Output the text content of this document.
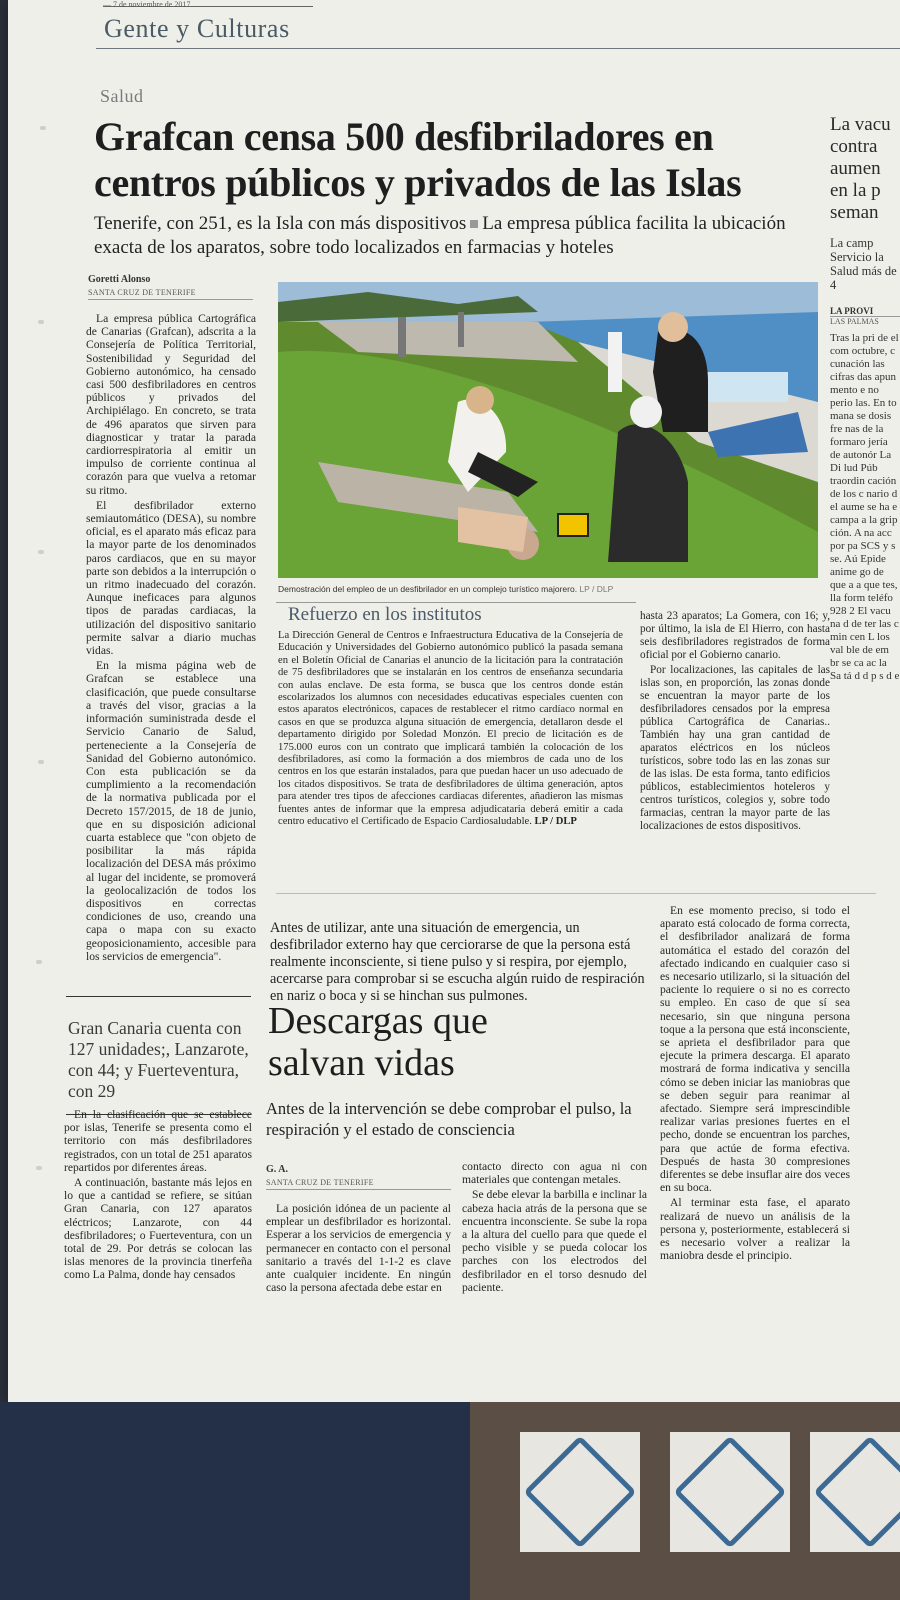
— 7 de noviembre de 2017
Gente y Culturas
Salud
Grafcan censa 500 desfibriladores en centros públicos y privados de las Islas
Tenerife, con 251, es la Isla con más dispositivos La empresa pública facilita la ubicación exacta de los aparatos, sobre todo localizados en farmacias y hoteles
Goretti Alonso
SANTA CRUZ DE TENERIFE

La empresa pública Cartográfica de Canarias (Grafcan), adscrita a la Consejería de Política Territorial, Sostenibilidad y Seguridad del Gobierno autonómico, ha censado casi 500 desfibriladores en centros públicos y privados del Archipiélago. En concreto, se trata de 496 aparatos que sirven para diagnosticar y tratar la parada cardiorrespiratoria al emitir un impulso de corriente continua al corazón para que vuelva a retomar su ritmo.

El desfibrilador externo semiautomático (DESA), su nombre oficial, es el aparato más eficaz para la mayor parte de los denominados paros cardiacos, que en su mayor parte son debidos a la interrupción o un ritmo inadecuado del corazón. Aunque ineficaces para algunos tipos de paradas cardiacas, la utilización del dispositivo sanitario permite salvar a diario muchas vidas.

En la misma página web de Grafcan se establece una clasificación, que puede consultarse a través del visor, gracias a la información suministrada desde el Servicio Canario de Salud, perteneciente a la Consejería de Sanidad del Gobierno autonómico. Con esta publicación se da cumplimiento a la recomendación de la normativa publicada por el Decreto 157/2015, de 18 de junio, que en su disposición adicional cuarta establece que "con objeto de posibilitar la más rápida localización del DESA más próximo al lugar del incidente, se promoverá la geolocalización de todos los dispositivos en correctas condiciones de uso, creando una capa o mapa con su exacto geoposicionamiento, accesible para los servicios de emergencia".

Gran Canaria cuenta con 127 unidades;, Lanzarote, con 44; y Fuerteventura, con 29

En la clasificación que se establece por islas, Tenerife se presenta como el territorio con más desfibriladores registrados, con un total de 251 aparatos repartidos por diferentes áreas.

A continuación, bastante más lejos en lo que a cantidad se refiere, se sitúan Gran Canaria, con 127 aparatos eléctricos; Lanzarote, con 44 desfibriladores; o Fuerteventura, con un total de 29. Por detrás se colocan las islas menores de la provincia tinerfeña como La Palma, donde hay censados

Demostración del empleo de un desfibrilador en un complejo turístico majorero. LP / DLP
Refuerzo en los institutos

La Dirección General de Centros e Infraestructura Educativa de la Consejería de Educación y Universidades del Gobierno autonómico publicó la pasada semana en el Boletín Oficial de Canarias el anuncio de la licitación para la contratación de 75 desfibriladores que se instalarán en los centros de enseñanza secundaria con aulas enclave. De esta forma, se busca que los centros donde están escolarizados los alumnos con necesidades educativas especiales cuenten con estos aparatos electrónicos, capaces de restablecer el ritmo cardíaco normal en casos en que se produzca alguna situación de emergencia, detallaron desde el departamento dirigido por Soledad Monzón. El precio de licitación es de 175.000 euros con un contrato que implicará también la colocación de los desfibriladores, así como la formación a dos miembros de cada uno de los centros en los que estarán instalados, para que puedan hacer un uso adecuado de los citados dispositivos. Se trata de desfibriladores de última generación, aptos para atender tres tipos de afecciones cardiacas diferentes, añadieron las mismas fuentes antes de informar que la empresa adjudicataria deberá emitir a cada centro educativo el Certificado de Espacio Cardiosaludable. LP / DLP

hasta 23 aparatos; La Gomera, con 16; y, por último, la isla de El Hierro, con hasta seis desfibriladores registrados de forma oficial por el Gobierno canario.

Por localizaciones, las capitales de las islas son, en proporción, las zonas donde se encuentran la mayor parte de los desfibriladores censados por la empresa pública Cartográfica de Canarias.. También hay una gran cantidad de aparatos eléctricos en los núcleos turísticos, sobre todo las en las zonas sur de las islas. De esta forma, tanto edificios públicos, establecimientos hoteleros y centros turísticos, colegios y, sobre todo farmacias, centran la mayor parte de las localizaciones de estos dispositivos.

Antes de utilizar, ante una situación de emergencia, un desfibrilador externo hay que cerciorarse de que la persona está realmente inconsciente, si tiene pulso y si respira, por ejemplo, acercarse para comprobar si se escucha algún ruido de respiración en nariz o boca y si se hinchan sus pulmones.
Descargas que salvan vidas
Antes de la intervención se debe comprobar el pulso, la respiración y el estado de consciencia
G. A.
SANTA CRUZ DE TENERIFE

La posición idónea de un paciente al emplear un desfibrilador es horizontal. Esperar a los servicios de emergencia y permanecer en contacto con el personal sanitario a través del 1-1-2 es clave ante cualquier incidente. En ningún caso la persona afectada debe estar en

contacto directo con agua ni con materiales que contengan metales.

Se debe elevar la barbilla e inclinar la cabeza hacia atrás de la persona que se encuentra inconsciente. Se sube la ropa a la altura del cuello para que quede el pecho visible y se pueda colocar los parches con los electrodos del desfibrilador en el torso desnudo del paciente.

En ese momento preciso, si todo el aparato está colocado de forma correcta, el desfibrilador analizará de forma automática el estado del corazón del afectado indicando en cualquier caso si es necesario utilizarlo, si la situación del paciente lo requiere o si no es correcto su empleo. En caso de que sí sea necesario, sin que ninguna persona toque a la persona que está inconsciente, se aprieta el desfibrilador para que ejecute la primera descarga. El aparato mostrará de forma indicativa y sencilla cómo se deben iniciar las maniobras que se deben seguir para reanimar al afectado. Siempre será imprescindible realizar varias presiones fuertes en el pecho, donde se encuentran los parches, para que actúe de forma efectiva. Después de hasta 30 compresiones diferentes se debe insuflar aire dos veces en su boca.

Al terminar esta fase, el aparato realizará de nuevo un análisis de la persona y, posteriormente, establecerá si es necesario volver a realizar la maniobra desde el principio.

La vacu contra aumen en la p seman
La camp Servicio la Salud más de 4
LA PROVI
LAS PALMAS
Tras la pri de el com octubre, c cunación las cifras das apun mento e no perio las. En to mana se dosis fre nas de la formaro jería de autonór La Di lud Púb traordin cación de los c nario d el aume se ha e campa a la grip ción. A na acc por pa SCS y s se. Aú Epide anime go de que a a que tes, lla form teléfo 928 2 El vacu na d de ter las c min cen L los val ble de em br se ca ac la Sa tá d d p s d e
